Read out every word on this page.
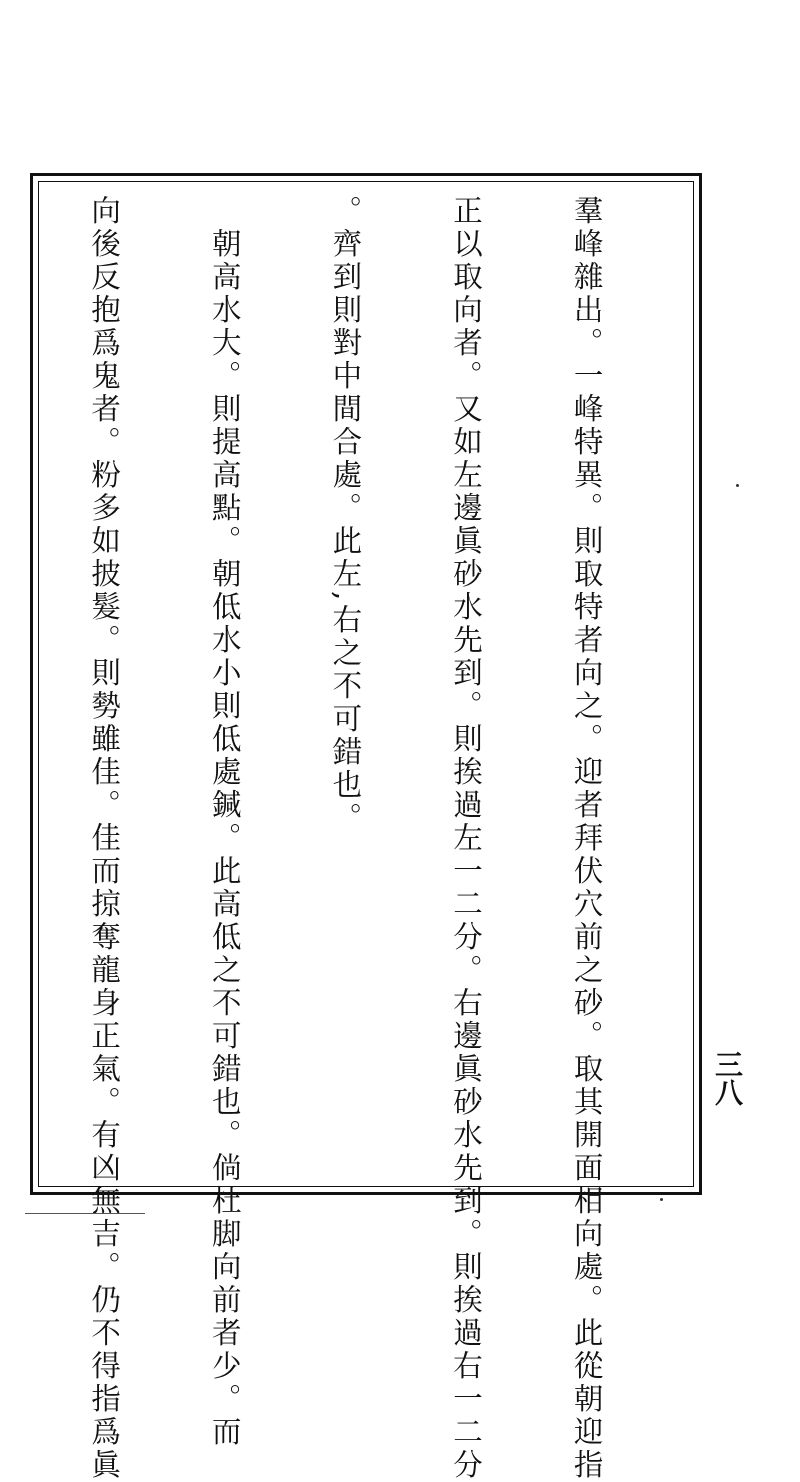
羣峰雜出。一峰特異。則取特者向之。迎者拜伏穴前之砂。取其開面相向處。此從朝迎指

正以取向者。又如左邊眞砂水先到。則挨過左一二分。右邊眞砂水先到。則挨過右一二分

。齊到則對中間合處。此左,右之不可錯也。

　朝高水大。則提高點。朝低水小則低處鍼。此高低之不可錯也。倘杜脚向前者少。而

向後反抱爲鬼者。粉多如披髮。則勢雖佳。佳而掠奪龍身正氣。有凶無吉。仍不得指爲眞

	三八
